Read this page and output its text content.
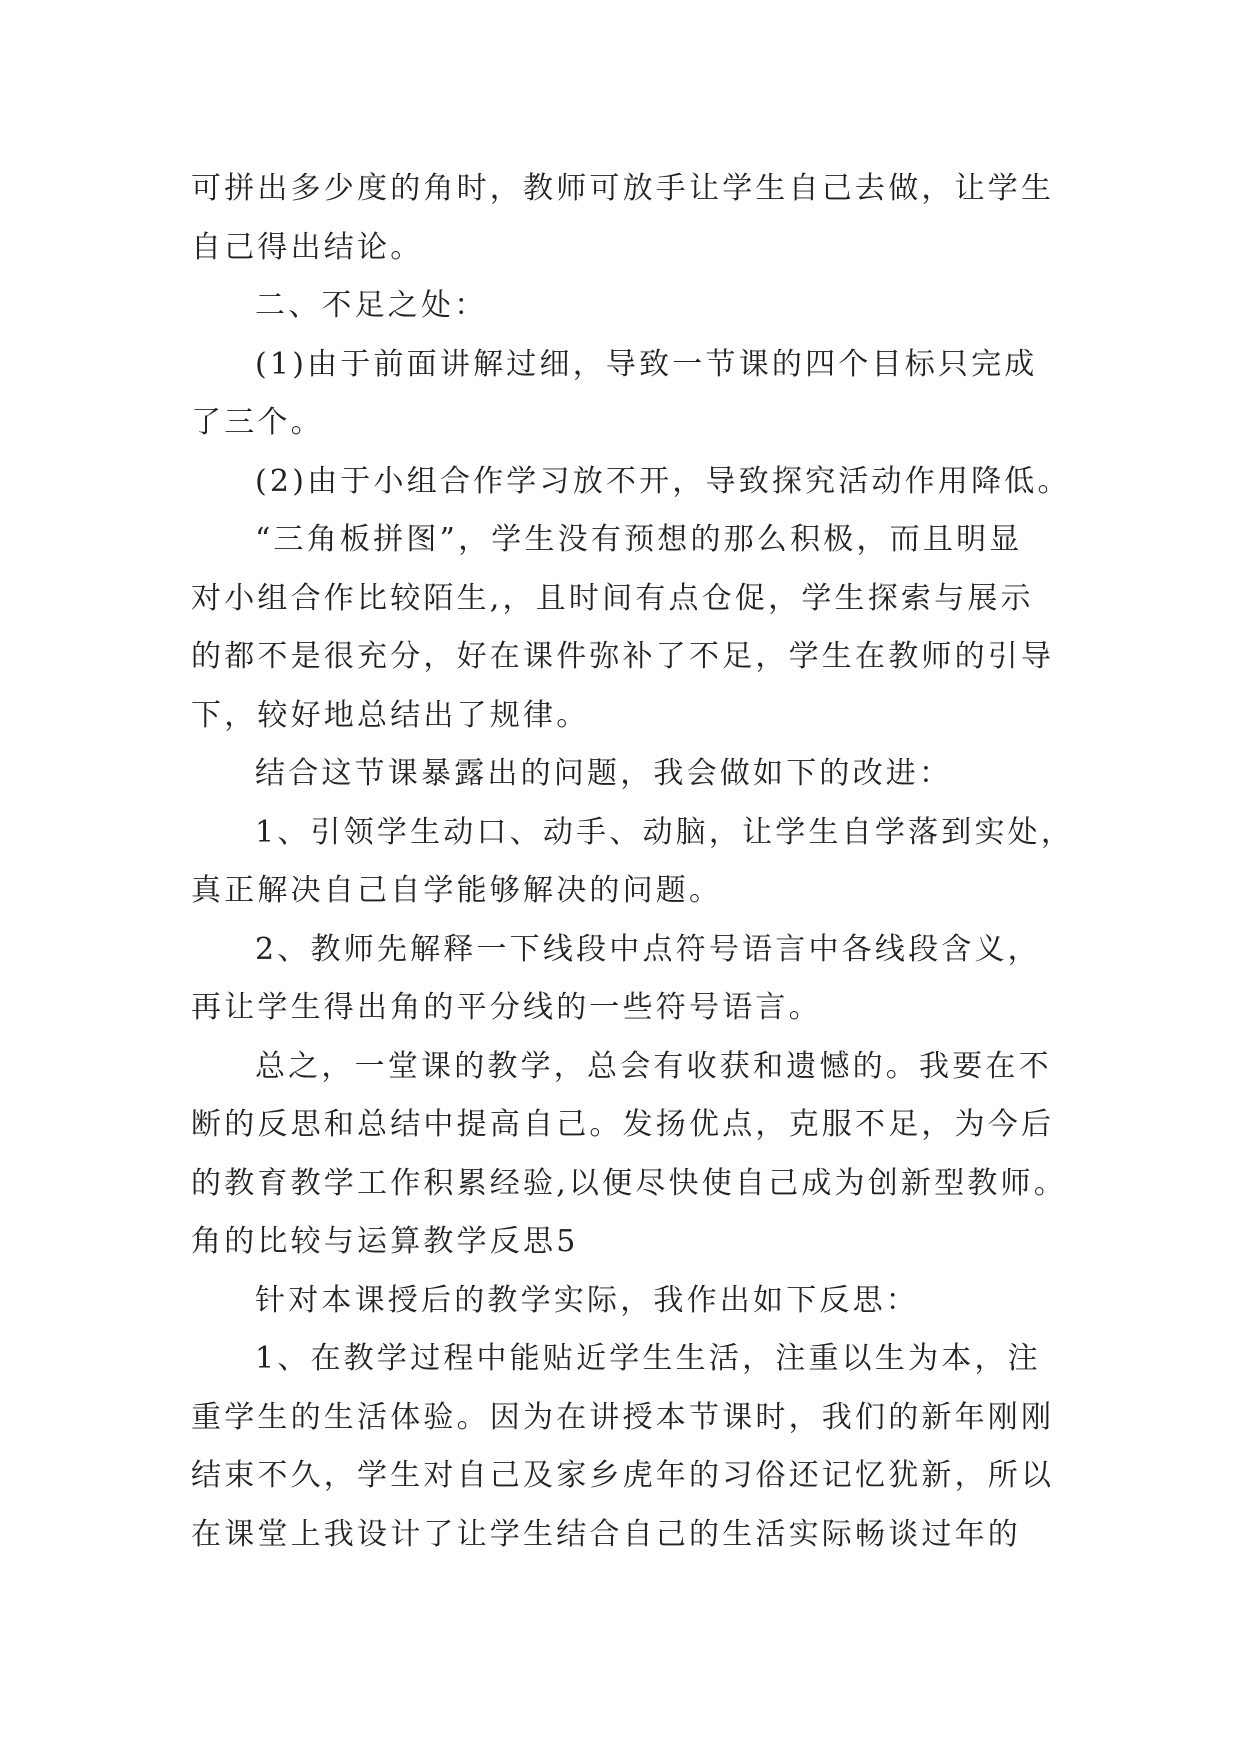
可拼出多少度的角时，教师可放手让学生自己去做，让学生
自己得出结论。
二、不足之处：
(1)由于前面讲解过细，导致一节课的四个目标只完成
了三个。
(2)由于小组合作学习放不开，导致探究活动作用降低。
“三角板拼图”，学生没有预想的那么积极，而且明显
对小组合作比较陌生,，且时间有点仓促，学生探索与展示
的都不是很充分，好在课件弥补了不足，学生在教师的引导
下，较好地总结出了规律。
结合这节课暴露出的问题，我会做如下的改进：
1、引领学生动口、动手、动脑，让学生自学落到实处，
真正解决自己自学能够解决的问题。
2、教师先解释一下线段中点符号语言中各线段含义，
再让学生得出角的平分线的一些符号语言。
总之，一堂课的教学，总会有收获和遗憾的。我要在不
断的反思和总结中提高自己。发扬优点，克服不足，为今后
的教育教学工作积累经验,以便尽快使自己成为创新型教师。
角的比较与运算教学反思5
针对本课授后的教学实际，我作出如下反思：
1、在教学过程中能贴近学生生活，注重以生为本，注
重学生的生活体验。因为在讲授本节课时，我们的新年刚刚
结束不久，学生对自己及家乡虎年的习俗还记忆犹新，所以
在课堂上我设计了让学生结合自己的生活实际畅谈过年的
